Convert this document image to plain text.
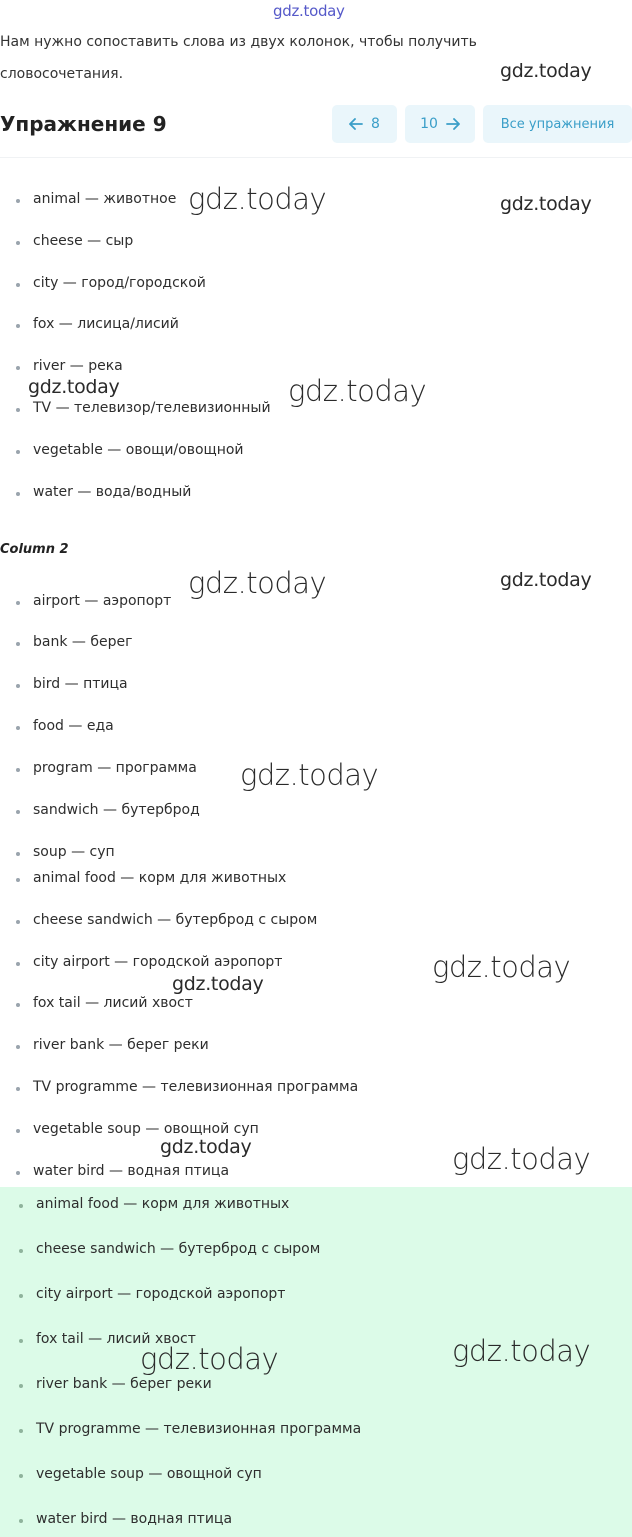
gdz.today
Нам нужно сопоставить слова из двух колонок, чтобы получить словосочетания.
Упражнение 9	8	10	Все упражнения
animal — животное
cheese — сыр
city — город/городской
fox — лисица/лисий
river — река
TV — телевизор/телевизионный
vegetable — овощи/овощной
water — вода/водный
Column 2
airport — аэропорт
bank — берег
bird — птица
food — еда
program — программа
sandwich — бутерброд
soup — суп
animal food — корм для животных
cheese sandwich — бутерброд с сыром
city airport — городской аэропорт
fox tail — лисий хвост
river bank — берег реки
TV programme — телевизионная программа
vegetable soup — овощной суп
water bird — водная птица
animal food — корм для животных
cheese sandwich — бутерброд с сыром
city airport — городской аэропорт
fox tail — лисий хвост
river bank — берег реки
TV programme — телевизионная программа
vegetable soup — овощной суп
water bird — водная птица
gdz.today
gdz.today	gdz.today
gdz.today	gdz.today
gdz.today	gdz.today
gdz.today
gdz.today
gdz.today
gdz.today	gdz.today
gdz.today	gdz.today
